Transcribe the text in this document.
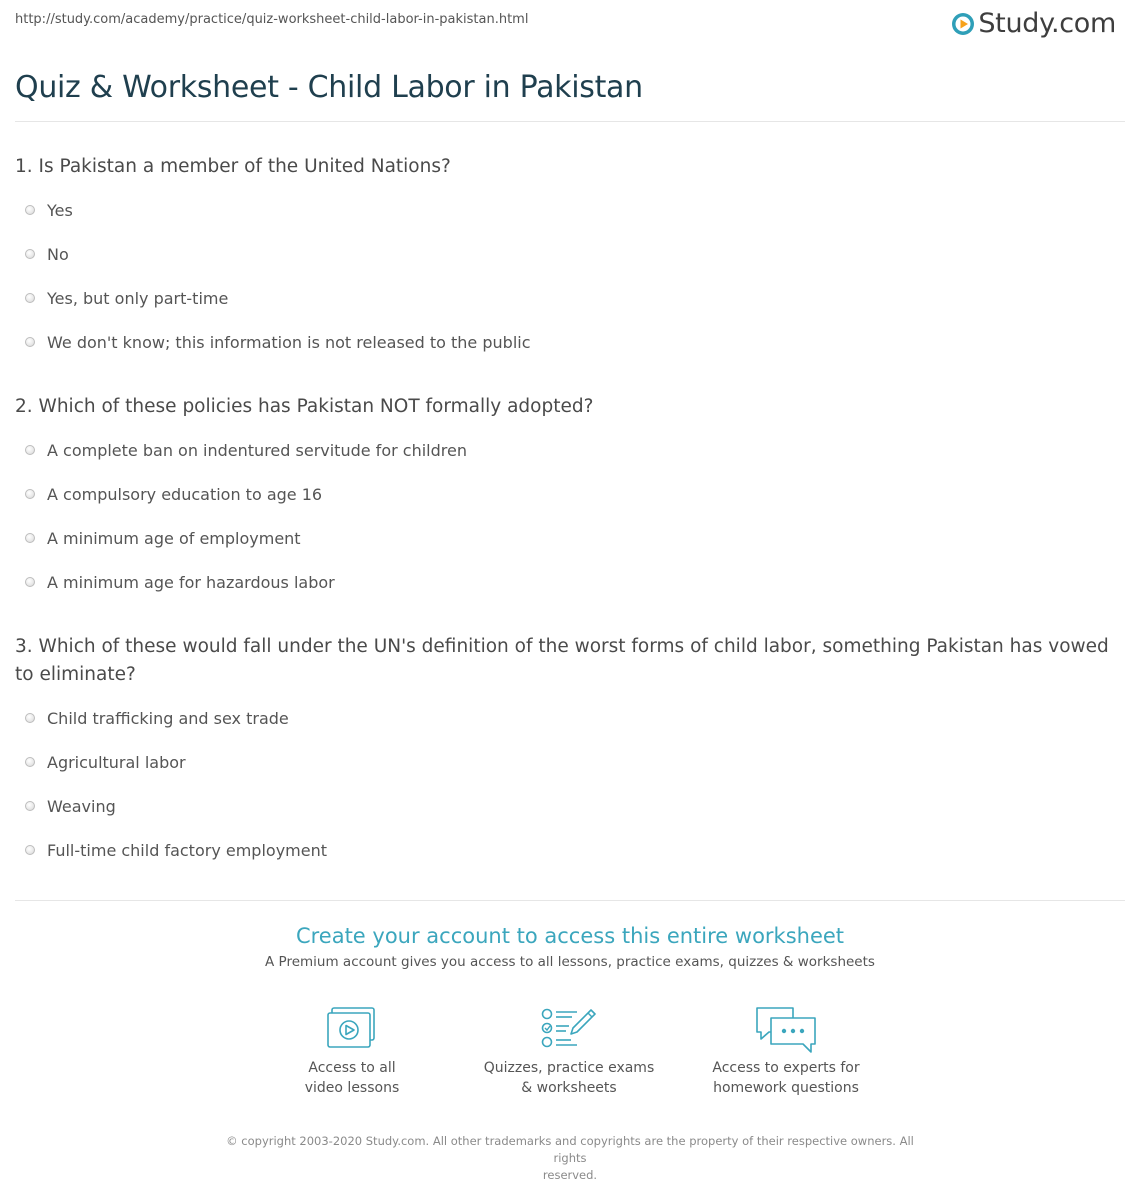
http://study.com/academy/practice/quiz-worksheet-child-labor-in-pakistan.html	Study.com
Quiz & Worksheet - Child Labor in Pakistan

1. Is Pakistan a member of the United Nations?

Yes
No
Yes, but only part-time
We don't know; this information is not released to the public

2. Which of these policies has Pakistan NOT formally adopted?

A complete ban on indentured servitude for children
A compulsory education to age 16
A minimum age of employment
A minimum age for hazardous labor

3. Which of these would fall under the UN's definition of the worst forms of child labor, something Pakistan has vowed to eliminate?

Child trafficking and sex trade
Agricultural labor
Weaving
Full-time child factory employment
Create your account to access this entire worksheet
A Premium account gives you access to all lessons, practice exams, quizzes & worksheets
Access to all
video lessons
Quizzes, practice exams
& worksheets
Access to experts for
homework questions
© copyright 2003-2020 Study.com. All other trademarks and copyrights are the property of their respective owners. All rights
reserved.
